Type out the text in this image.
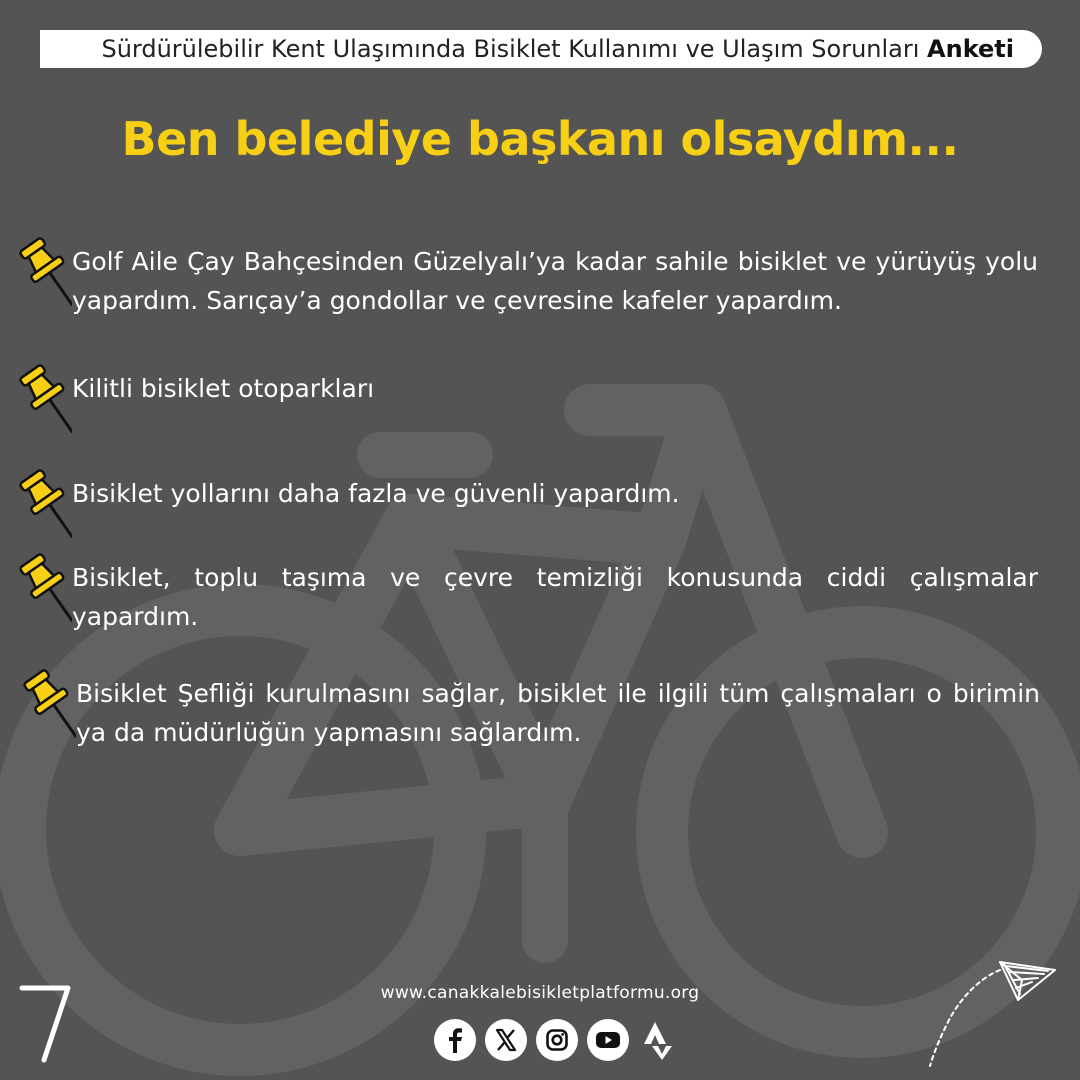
Sürdürülebilir Kent Ulaşımında Bisiklet Kullanımı ve Ulaşım Sorunları Anketi
Ben belediye başkanı olsaydım...
Golf Aile Çay Bahçesinden Güzelyalı’ya kadar sahile bisiklet ve yürüyüş yolu yapardım. Sarıçay’a gondollar ve çevresine kafeler yapardım.
Kilitli bisiklet otoparkları
Bisiklet yollarını daha fazla ve güvenli yapardım.
Bisiklet, toplu taşıma ve çevre temizliği konusunda ciddi çalışmalar yapardım.
Bisiklet Şefliği kurulmasını sağlar, bisiklet ile ilgili tüm çalışmaları o birimin ya da müdürlüğün yapmasını sağlardım.
www.canakkalebisikletplatformu.org
